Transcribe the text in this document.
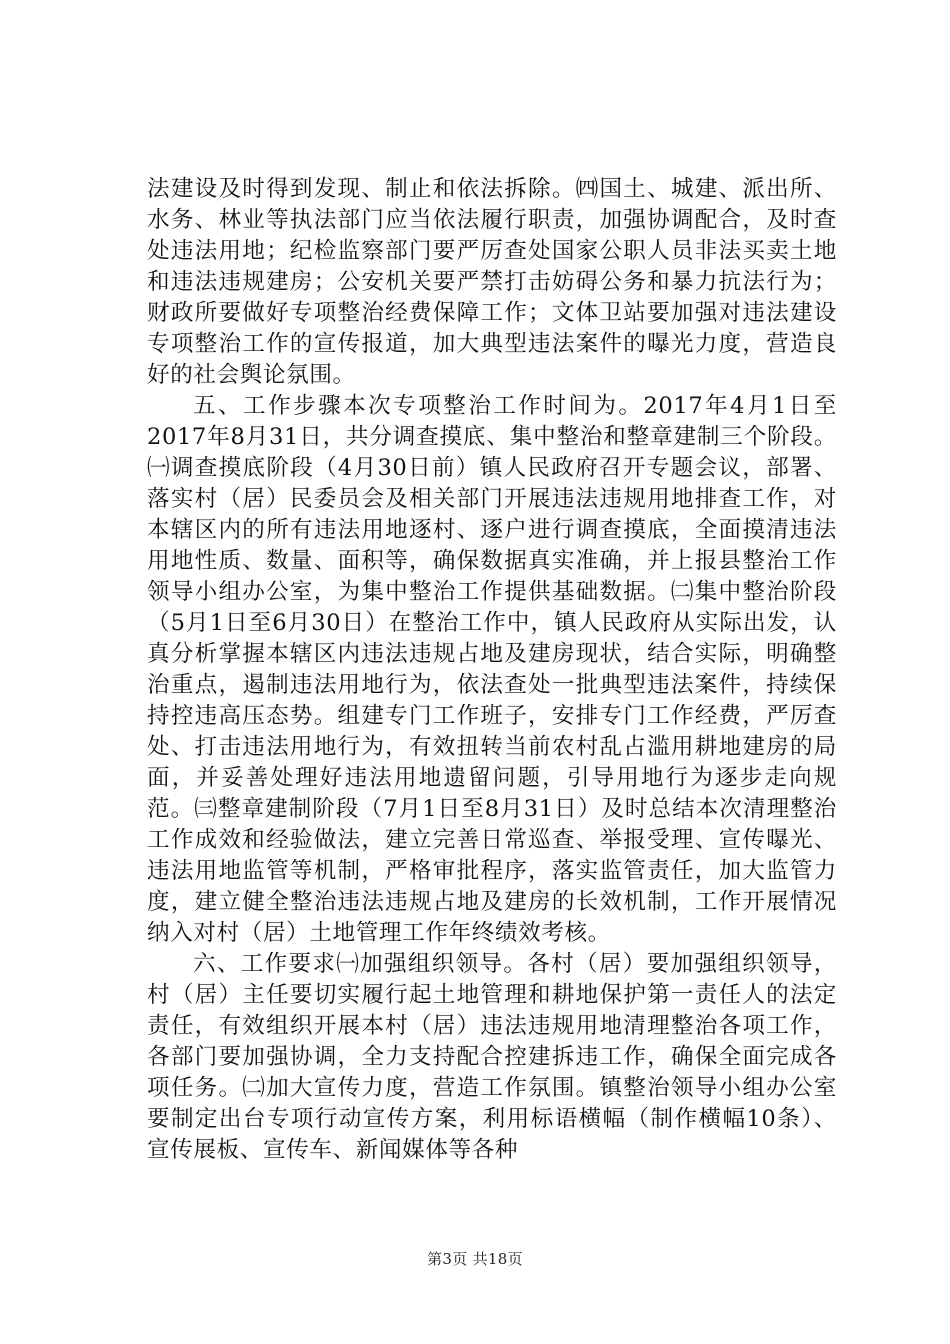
法建设及时得到发现、制止和依法拆除。㈣国土、城建、派出所、水务、林业等执法部门应当依法履行职责，加强协调配合，及时查处违法用地；纪检监察部门要严厉查处国家公职人员非法买卖土地和违法违规建房；公安机关要严禁打击妨碍公务和暴力抗法行为；财政所要做好专项整治经费保障工作；文体卫站要加强对违法建设专项整治工作的宣传报道，加大典型违法案件的曝光力度，营造良好的社会舆论氛围。

五、工作步骤本次专项整治工作时间为。2017年4月1日至2017年8月31日，共分调查摸底、集中整治和整章建制三个阶段。㈠调查摸底阶段（4月30日前）镇人民政府召开专题会议，部署、落实村（居）民委员会及相关部门开展违法违规用地排查工作，对本辖区内的所有违法用地逐村、逐户进行调查摸底，全面摸清违法用地性质、数量、面积等，确保数据真实准确，并上报县整治工作领导小组办公室，为集中整治工作提供基础数据。㈡集中整治阶段（5月1日至6月30日）在整治工作中，镇人民政府从实际出发，认真分析掌握本辖区内违法违规占地及建房现状，结合实际，明确整治重点，遏制违法用地行为，依法查处一批典型违法案件，持续保持控违高压态势。组建专门工作班子，安排专门工作经费，严厉查处、打击违法用地行为，有效扭转当前农村乱占滥用耕地建房的局面，并妥善处理好违法用地遗留问题，引导用地行为逐步走向规范。㈢整章建制阶段（7月1日至8月31日）及时总结本次清理整治工作成效和经验做法，建立完善日常巡查、举报受理、宣传曝光、违法用地监管等机制，严格审批程序，落实监管责任，加大监管力度，建立健全整治违法违规占地及建房的长效机制，工作开展情况纳入对村（居）土地管理工作年终绩效考核。

六、工作要求㈠加强组织领导。各村（居）要加强组织领导，村（居）主任要切实履行起土地管理和耕地保护第一责任人的法定责任，有效组织开展本村（居）违法违规用地清理整治各项工作，各部门要加强协调，全力支持配合控建拆违工作，确保全面完成各项任务。㈡加大宣传力度，营造工作氛围。镇整治领导小组办公室要制定出台专项行动宣传方案，利用标语横幅（制作横幅10条）、宣传展板、宣传车、新闻媒体等各种

第3页 共18页
